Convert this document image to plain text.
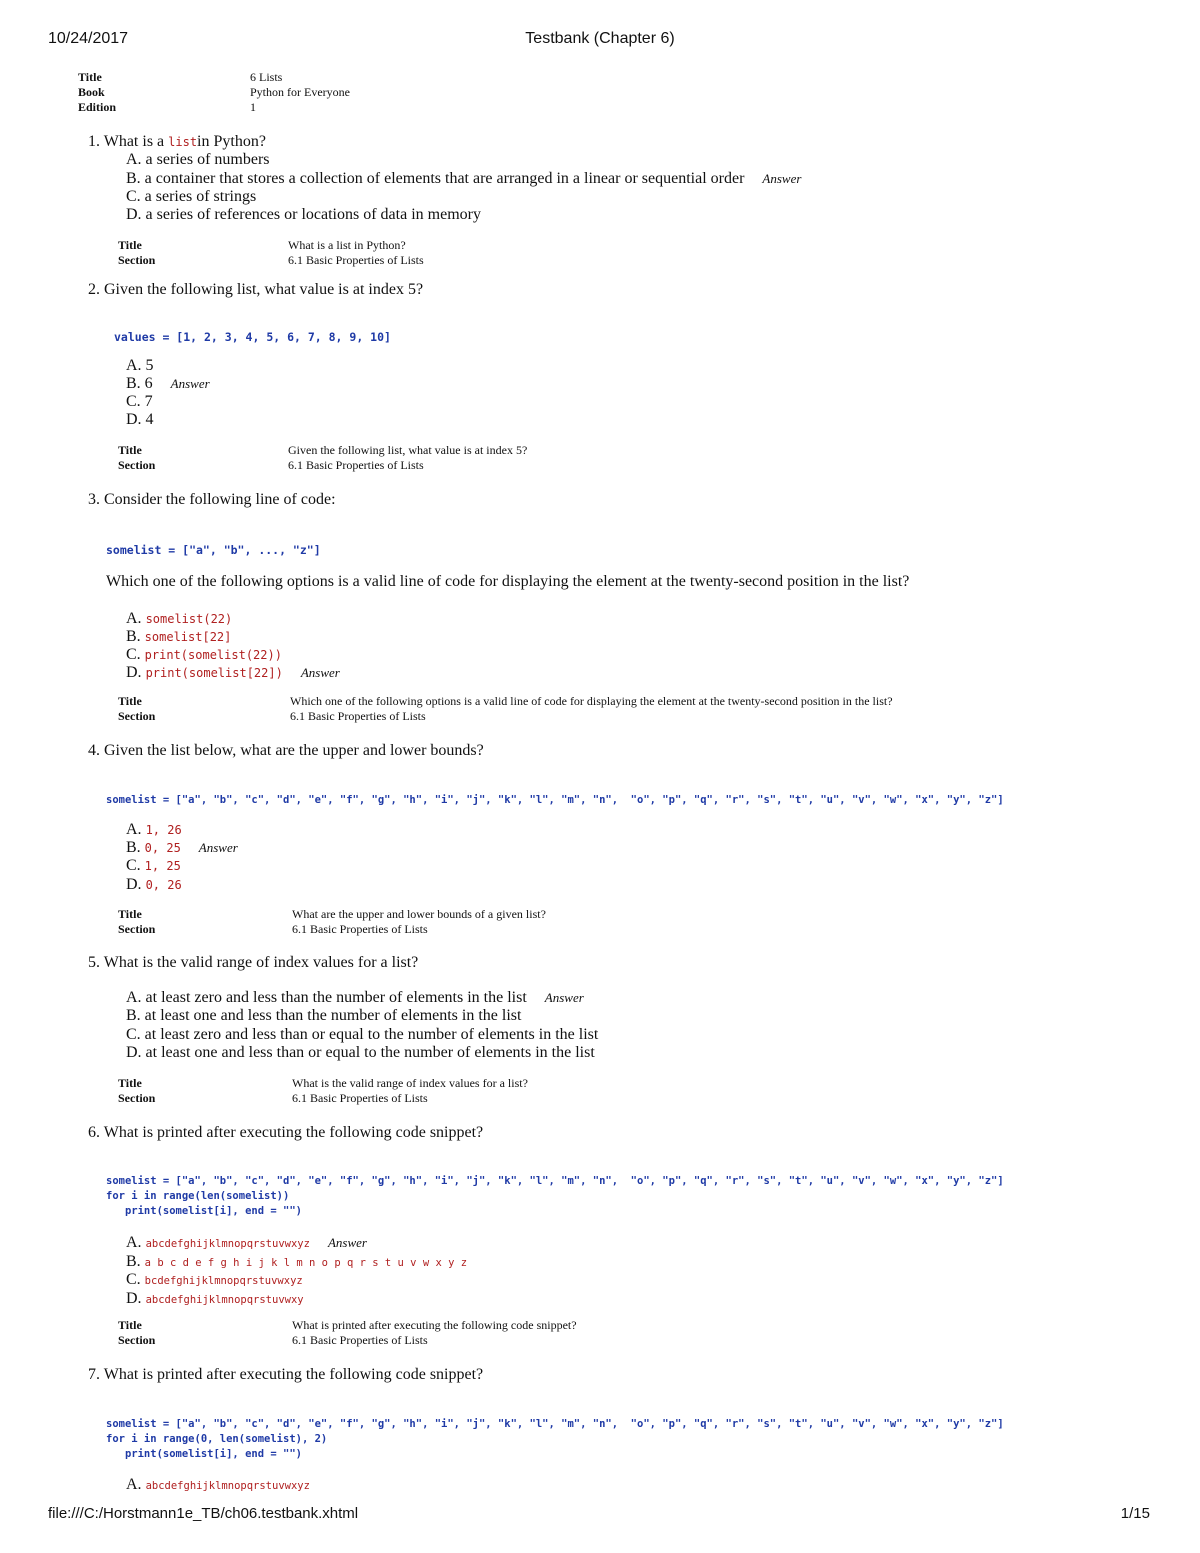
10/24/2017	Testbank (Chapter 6)
Title	6 Lists
Book	Python for Everyone
Edition	1
1. What is a listin Python?
A. a series of numbers
B. a container that stores a collection of elements that are arranged in a linear or sequential order Answer
C. a series of strings
D. a series of references or locations of data in memory
Title	What is a list in Python?
Section	6.1 Basic Properties of Lists
2. Given the following list, what value is at index 5?
values = [1, 2, 3, 4, 5, 6, 7, 8, 9, 10]
A. 5
B. 6 Answer
C. 7
D. 4
Title	Given the following list, what value is at index 5?
Section	6.1 Basic Properties of Lists
3. Consider the following line of code:
somelist = ["a", "b", ..., "z"]
Which one of the following options is a valid line of code for displaying the element at the twenty-second position in the list?
A. somelist(22)
B. somelist[22]
C. print(somelist(22))
D. print(somelist[22]) Answer
Title	Which one of the following options is a valid line of code for displaying the element at the twenty-second position in the list?
Section	6.1 Basic Properties of Lists
4. Given the list below, what are the upper and lower bounds?
somelist = ["a", "b", "c", "d", "e", "f", "g", "h", "i", "j", "k", "l", "m", "n",  "o", "p", "q", "r", "s", "t", "u", "v", "w", "x", "y", "z"]
A. 1, 26
B. 0, 25 Answer
C. 1, 25
D. 0, 26
Title	What are the upper and lower bounds of a given list?
Section	6.1 Basic Properties of Lists
5. What is the valid range of index values for a list?
A. at least zero and less than the number of elements in the list Answer
B. at least one and less than the number of elements in the list
C. at least zero and less than or equal to the number of elements in the list
D. at least one and less than or equal to the number of elements in the list
Title	What is the valid range of index values for a list?
Section	6.1 Basic Properties of Lists
6. What is printed after executing the following code snippet?
somelist = ["a", "b", "c", "d", "e", "f", "g", "h", "i", "j", "k", "l", "m", "n",  "o", "p", "q", "r", "s", "t", "u", "v", "w", "x", "y", "z"]
for i in range(len(somelist))
print(somelist[i], end = "")
A. abcdefghijklmnopqrstuvwxyz Answer
B. a b c d e f g h i j k l m n o p q r s t u v w x y z
C. bcdefghijklmnopqrstuvwxyz
D. abcdefghijklmnopqrstuvwxy
Title	What is printed after executing the following code snippet?
Section	6.1 Basic Properties of Lists
7. What is printed after executing the following code snippet?
somelist = ["a", "b", "c", "d", "e", "f", "g", "h", "i", "j", "k", "l", "m", "n",  "o", "p", "q", "r", "s", "t", "u", "v", "w", "x", "y", "z"]
for i in range(0, len(somelist), 2)
print(somelist[i], end = "")
A. abcdefghijklmnopqrstuvwxyz
file:///C:/Horstmann1e_TB/ch06.testbank.xhtml	1/15
